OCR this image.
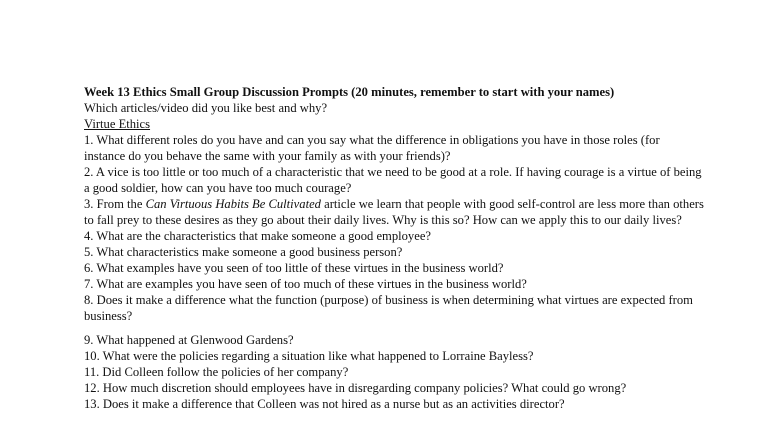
Week 13 Ethics Small Group Discussion Prompts (20 minutes, remember to start with your names)

Which articles/video did you like best and why?

Virtue Ethics

1. What different roles do you have and can you say what the difference in obligations you have in those roles (for instance do you behave the same with your family as with your friends)?

2. A vice is too little or too much of a characteristic that we need to be good at a role. If having courage is a virtue of being a good soldier, how can you have too much courage?

3. From the Can Virtuous Habits Be Cultivated article we learn that people with good self-control are less more than others to fall prey to these desires as they go about their daily lives. Why is this so? How can we apply this to our daily lives?

4. What are the characteristics that make someone a good employee?

5. What characteristics make someone a good business person?

6. What examples have you seen of too little of these virtues in the business world?

7. What are examples you have seen of too much of these virtues in the business world?

8. Does it make a difference what the function (purpose) of business is when determining what virtues are expected from business?

9. What happened at Glenwood Gardens?

10. What were the policies regarding a situation like what happened to Lorraine Bayless?

11. Did Colleen follow the policies of her company?

12. How much discretion should employees have in disregarding company policies? What could go wrong?

13. Does it make a difference that Colleen was not hired as a nurse but as an activities director?
